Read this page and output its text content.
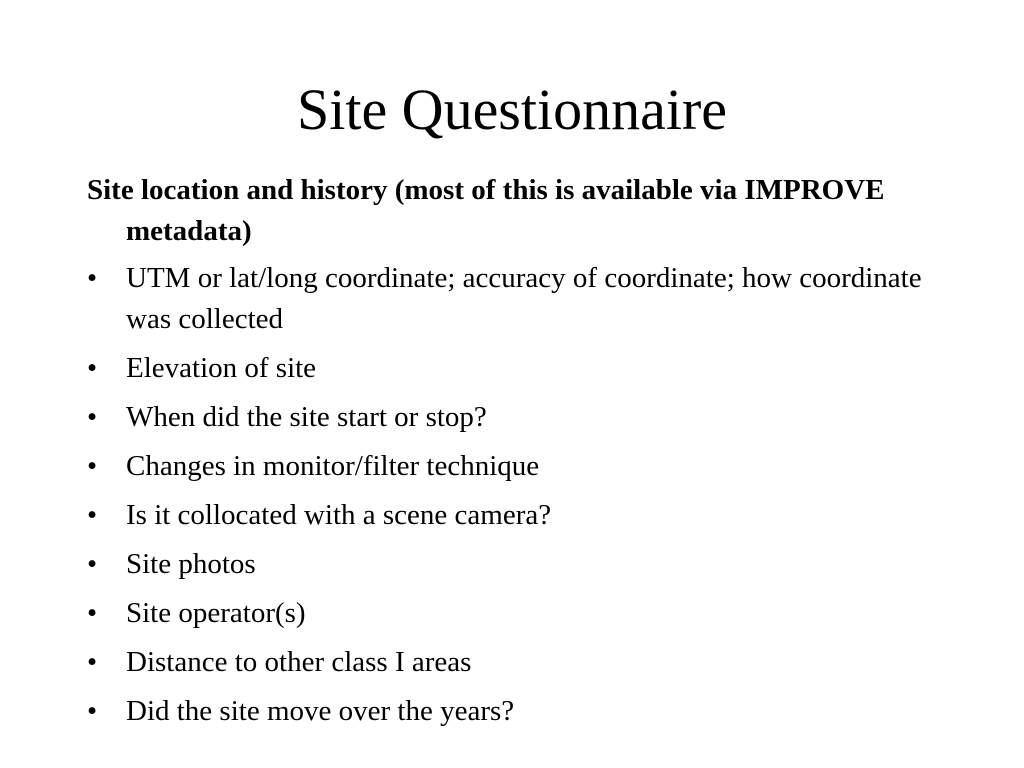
Site Questionnaire

Site location and history (most of this is available via IMPROVE metadata)

• UTM or lat/long coordinate; accuracy of coordinate; how coordinate was collected
• Elevation of site
• When did the site start or stop?
• Changes in monitor/filter technique
• Is it collocated with a scene camera?
• Site photos
• Site operator(s)
• Distance to other class I areas
• Did the site move over the years?
